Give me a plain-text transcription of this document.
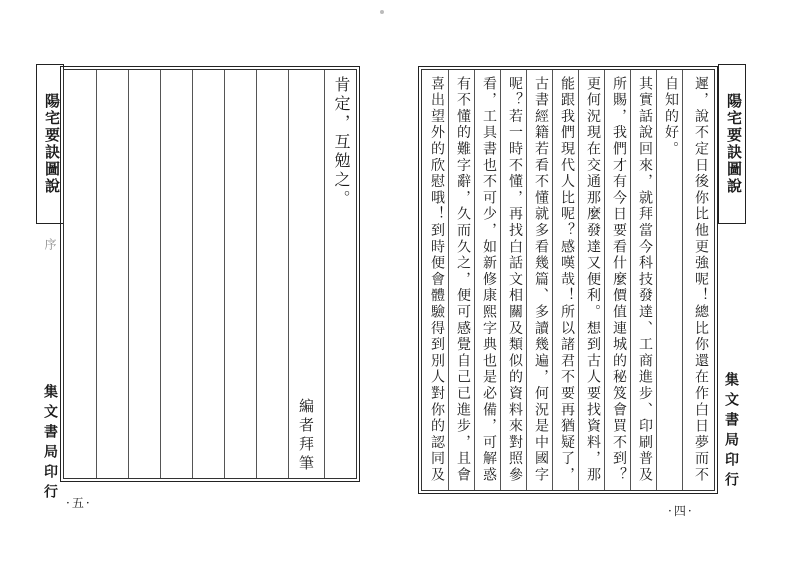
陽宅要訣圖說
序
集文書局印行
肯定，互勉之。
編者拜筆
·五·
遲，說不定日後你比他更強呢！總比你還在作白日夢而不
自知的好。
其實話說回來，就拜當今科技發達、工商進步、印刷普及
所賜，我們才有今日要看什麼價值連城的秘笈會買不到？
更何況現在交通那麼發達又便利。想到古人要找資料，那
能跟我們現代人比呢？感嘆哉！所以諸君不要再猶疑了，
古書經籍若看不懂就多看幾篇、多讀幾遍，何況是中國字
呢？若一時不懂，再找白話文相關及類似的資料來對照參
看，工具書也不可少，如新修康熙字典也是必備，可解惑
有不懂的難字辭，久而久之，便可感覺自己已進步，且會
喜出望外的欣慰哦！到時便會體驗得到別人對你的認同及	陽宅要訣圖說
集文書局印行
·四·
